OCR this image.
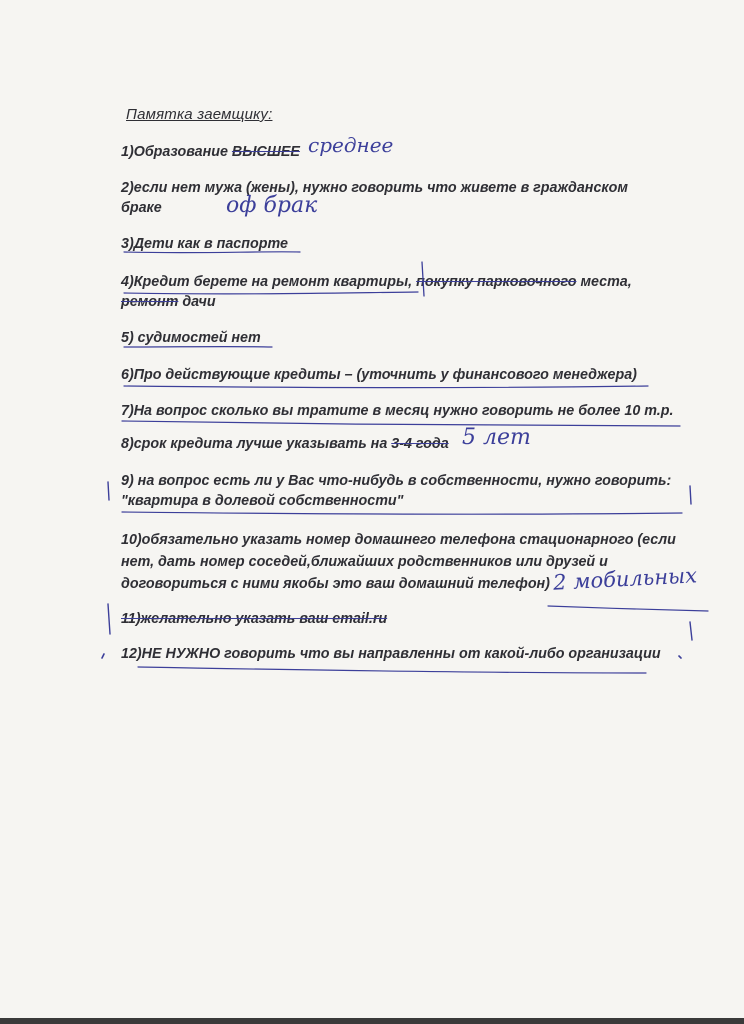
Памятка заемщику:
1)Образование ВЫСШЕЕ среднее
2)если нет мужа (жены), нужно говорить что живете в гражданском
браке	оф брак
3)Дети как в паспорте
4)Кредит берете на ремонт квартиры, покупку парковочного места,
ремонт дачи
5) судимостей нет
6)Про действующие кредиты – (уточнить у финансового менеджера)
7)На вопрос сколько вы тратите в месяц нужно говорить не более 10 т.р.
8)срок кредита лучше указывать на 3-4 года 5 лет
9) на вопрос есть ли у Вас что-нибудь в собственности, нужно говорить:
"квартира в долевой собственности"
10)обязательно указать номер домашнего телефона стационарного (если
нет, дать номер соседей,ближайших родственников или друзей и
договориться с ними якобы это ваш домашний телефон) 2 мобильных
11)желательно указать ваш email.ru
12)НЕ НУЖНО говорить что вы направленны от какой-либо организации
